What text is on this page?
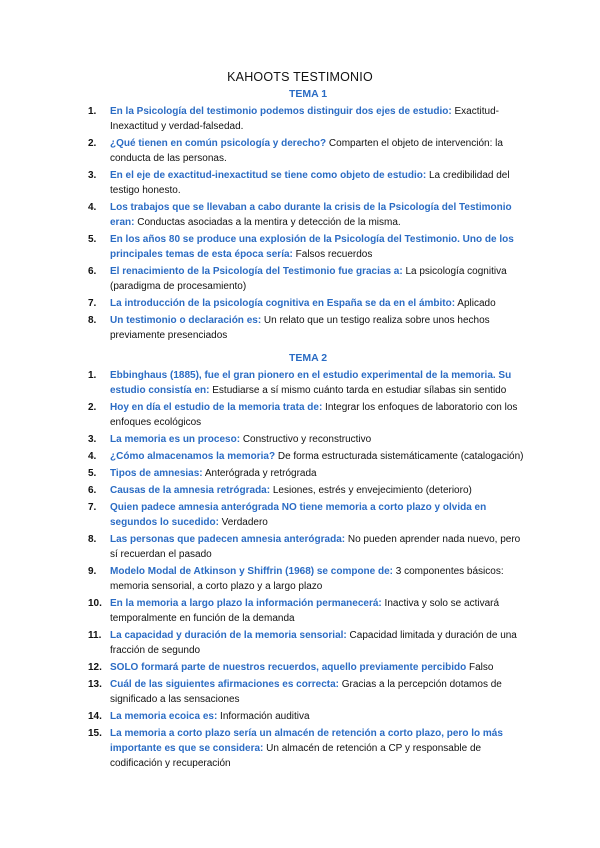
KAHOOTS TESTIMONIO
TEMA 1
1.	En la Psicología del testimonio podemos distinguir dos ejes de estudio: Exactitud-Inexactitud y verdad-falsedad.
2.	¿Qué tienen en común psicología y derecho? Comparten el objeto de intervención: la conducta de las personas.
3.	En el eje de exactitud-inexactitud se tiene como objeto de estudio: La credibilidad del testigo honesto.
4.	Los trabajos que se llevaban a cabo durante la crisis de la Psicología del Testimonio eran: Conductas asociadas a la mentira y detección de la misma.
5.	En los años 80 se produce una explosión de la Psicología del Testimonio. Uno de los principales temas de esta época sería: Falsos recuerdos
6.	El renacimiento de la Psicología del Testimonio fue gracias a: La psicología cognitiva (paradigma de procesamiento)
7.	La introducción de la psicología cognitiva en España se da en el ámbito: Aplicado
8.	Un testimonio o declaración es: Un relato que un testigo realiza sobre unos hechos previamente presenciados
TEMA 2
1.	Ebbinghaus (1885), fue el gran pionero en el estudio experimental de la memoria. Su estudio consistía en: Estudiarse a sí mismo cuánto tarda en estudiar sílabas sin sentido
2.	Hoy en día el estudio de la memoria trata de: Integrar los enfoques de laboratorio con los enfoques ecológicos
3.	La memoria es un proceso: Constructivo y reconstructivo
4.	¿Cómo almacenamos la memoria? De forma estructurada sistemáticamente (catalogación)
5.	Tipos de amnesias: Anterógrada y retrógrada
6.	Causas de la amnesia retrógrada: Lesiones, estrés y envejecimiento (deterioro)
7.	Quien padece amnesia anterógrada NO tiene memoria a corto plazo y olvida en segundos lo sucedido: Verdadero
8.	Las personas que padecen amnesia anterógrada: No pueden aprender nada nuevo, pero sí recuerdan el pasado
9.	Modelo Modal de Atkinson y Shiffrin (1968) se compone de: 3 componentes básicos: memoria sensorial, a corto plazo y a largo plazo
10. En la memoria a largo plazo la información permanecerá: Inactiva y solo se activará temporalmente en función de la demanda
11. La capacidad y duración de la memoria sensorial: Capacidad limitada y duración de una fracción de segundo
12. SOLO formará parte de nuestros recuerdos, aquello previamente percibido Falso
13. Cuál de las siguientes afirmaciones es correcta: Gracias a la percepción dotamos de significado a las sensaciones
14. La memoria ecoica es: Información auditiva
15. La memoria a corto plazo sería un almacén de retención a corto plazo, pero lo más importante es que se considera: Un almacén de retención a CP y responsable de codificación y recuperación
